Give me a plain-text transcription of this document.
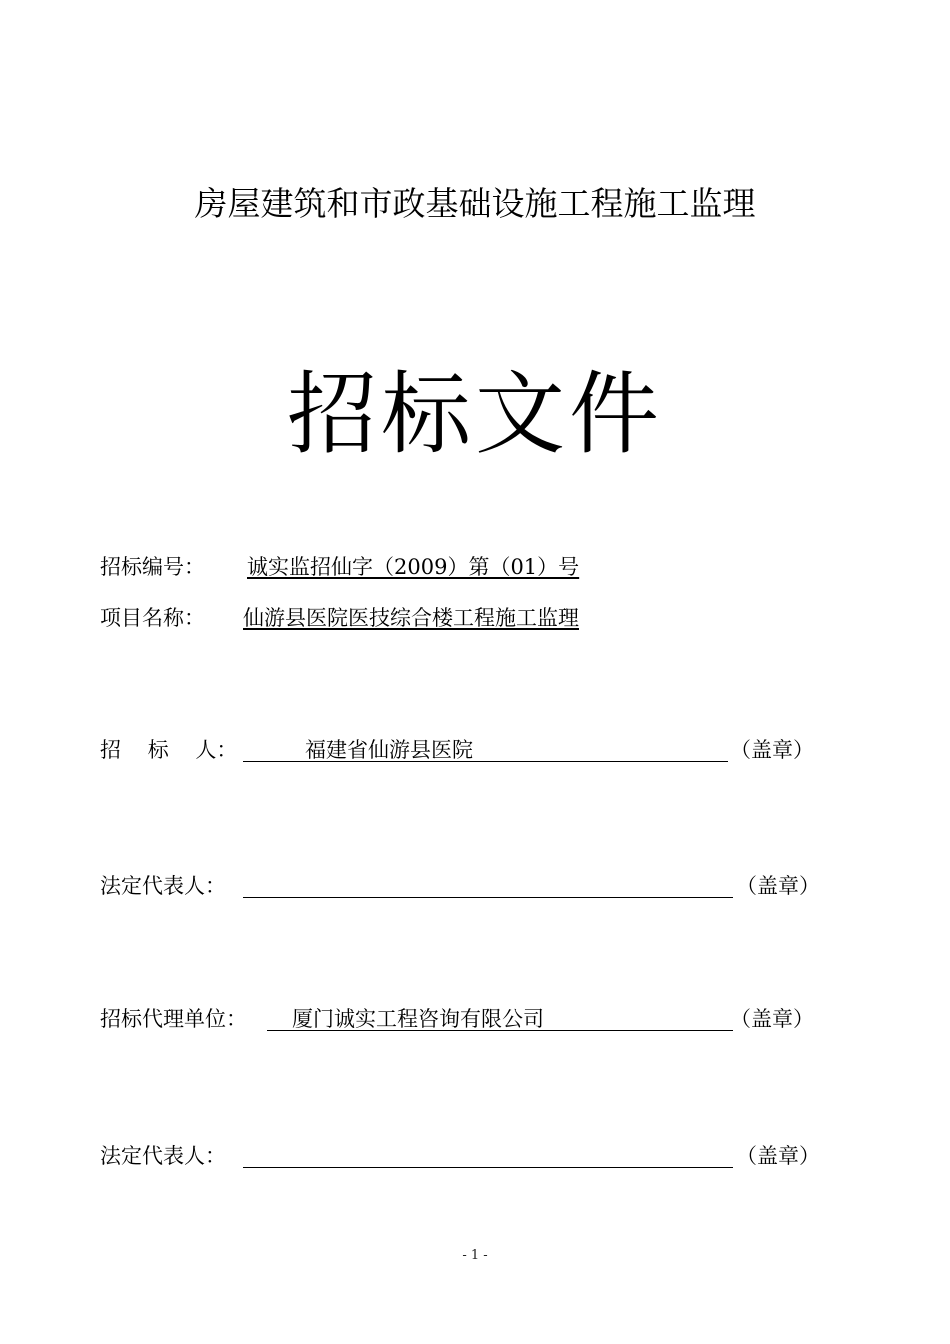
房屋建筑和市政基础设施工程施工监理
招标文件
招标编号： 诚实监招仙字（2009）第（01）号
项目名称： 仙游县医院医技综合楼工程施工监理
招    标    人：	福建省仙游县医院	（盖章）
法定代表人：	（盖章）
招标代理单位： 厦门诚实工程咨询有限公司	（盖章）
法定代表人：	（盖章）
- 1 -
